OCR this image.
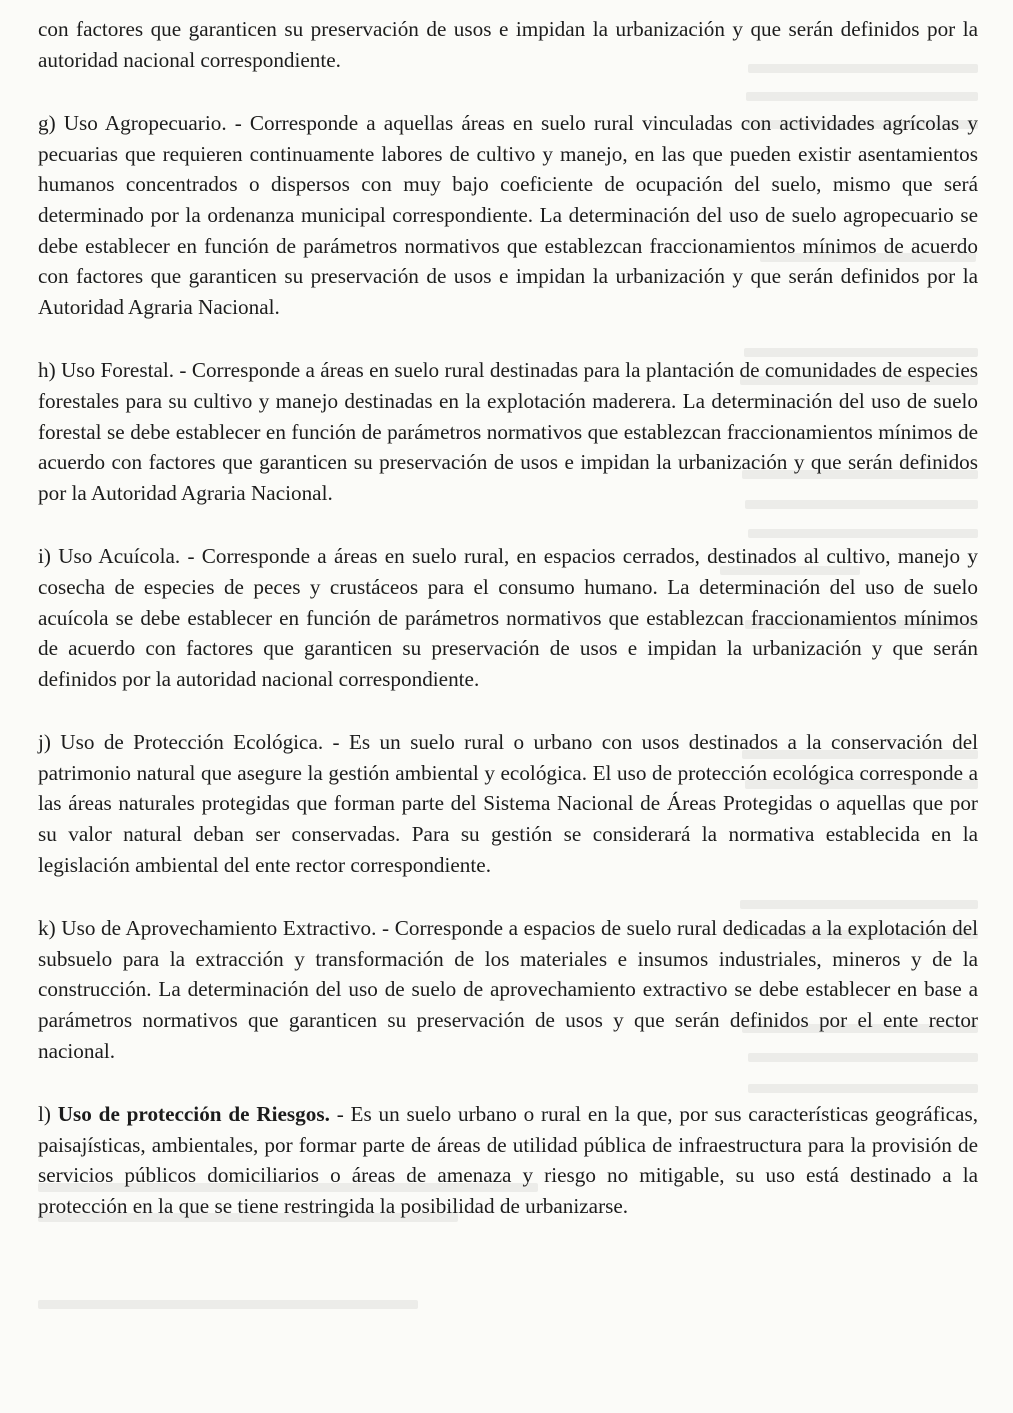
con factores que garanticen su preservación de usos e impidan la urbanización y que serán definidos por la autoridad nacional correspondiente.

g) Uso Agropecuario. - Corresponde a aquellas áreas en suelo rural vinculadas con actividades agrícolas y pecuarias que requieren continuamente labores de cultivo y manejo, en las que pueden existir asentamientos humanos concentrados o dispersos con muy bajo coeficiente de ocupación del suelo, mismo que será determinado por la ordenanza municipal correspondiente. La determinación del uso de suelo agropecuario se debe establecer en función de parámetros normativos que establezcan fraccionamientos mínimos de acuerdo con factores que garanticen su preservación de usos e impidan la urbanización y que serán definidos por la Autoridad Agraria Nacional.

h) Uso Forestal. - Corresponde a áreas en suelo rural destinadas para la plantación de comunidades de especies forestales para su cultivo y manejo destinadas en la explotación maderera. La determinación del uso de suelo forestal se debe establecer en función de parámetros normativos que establezcan fraccionamientos mínimos de acuerdo con factores que garanticen su preservación de usos e impidan la urbanización y que serán definidos por la Autoridad Agraria Nacional.

i) Uso Acuícola. - Corresponde a áreas en suelo rural, en espacios cerrados, destinados al cultivo, manejo y cosecha de especies de peces y crustáceos para el consumo humano. La determinación del uso de suelo acuícola se debe establecer en función de parámetros normativos que establezcan fraccionamientos mínimos de acuerdo con factores que garanticen su preservación de usos e impidan la urbanización y que serán definidos por la autoridad nacional correspondiente.

j) Uso de Protección Ecológica. - Es un suelo rural o urbano con usos destinados a la conservación del patrimonio natural que asegure la gestión ambiental y ecológica. El uso de protección ecológica corresponde a las áreas naturales protegidas que forman parte del Sistema Nacional de Áreas Protegidas o aquellas que por su valor natural deban ser conservadas. Para su gestión se considerará la normativa establecida en la legislación ambiental del ente rector correspondiente.

k) Uso de Aprovechamiento Extractivo. - Corresponde a espacios de suelo rural dedicadas a la explotación del subsuelo para la extracción y transformación de los materiales e insumos industriales, mineros y de la construcción. La determinación del uso de suelo de aprovechamiento extractivo se debe establecer en base a parámetros normativos que garanticen su preservación de usos y que serán definidos por el ente rector nacional.

l) Uso de protección de Riesgos. - Es un suelo urbano o rural en la que, por sus características geográficas, paisajísticas, ambientales, por formar parte de áreas de utilidad pública de infraestructura para la provisión de servicios públicos domiciliarios o áreas de amenaza y riesgo no mitigable, su uso está destinado a la protección en la que se tiene restringida la posibilidad de urbanizarse.
